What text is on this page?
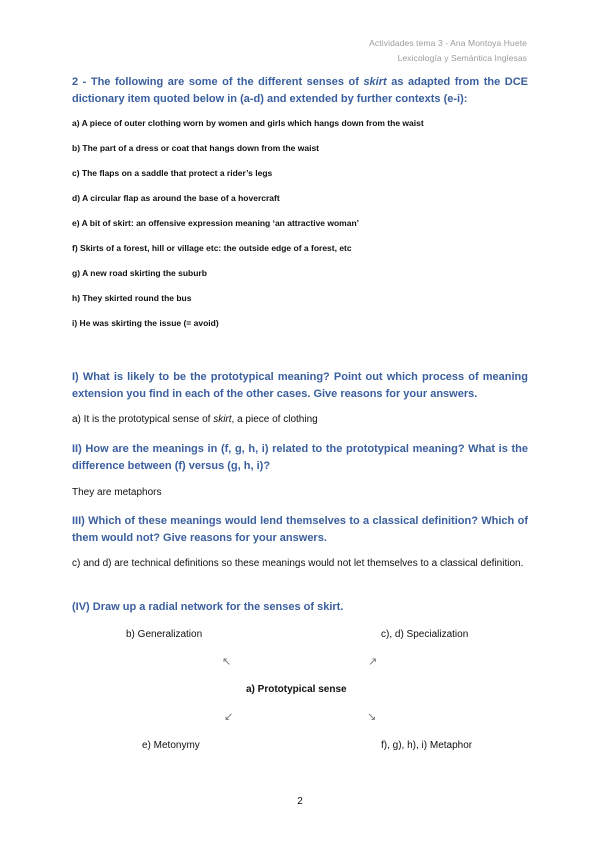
Actividades tema 3 - Ana Montoya Huete
Lexicología y Semántica Inglesas
2 - The following are some of the different senses of skirt as adapted from the DCE dictionary item quoted below in (a-d) and extended by further contexts (e-i):
a) A piece of outer clothing worn by women and girls which hangs down from the waist
b) The part of a dress or coat that hangs down from the waist
c) The flaps on a saddle that protect a rider’s legs
d) A circular flap as around the base of a hovercraft
e) A bit of skirt: an offensive expression meaning ‘an attractive woman’
f) Skirts of a forest, hill or village etc: the outside edge of a forest, etc
g) A new road skirting the suburb
h) They skirted round the bus
i) He was skirting the issue (= avoid)
I) What is likely to be the prototypical meaning? Point out which process of meaning extension you find in each of the other cases. Give reasons for your answers.
a) It is the prototypical sense of skirt, a piece of clothing
II) How are the meanings in (f, g, h, i) related to the prototypical meaning? What is the difference between (f) versus (g, h, i)?
They are metaphors
III) Which of these meanings would lend themselves to a classical definition? Which of them would not? Give reasons for your answers.
c) and d) are technical definitions so these meanings would not let themselves to a classical definition.
(IV) Draw up a radial network for the senses of skirt.
b) Generalization	c), d) Specialization
↖	↗
a) Prototypical sense
↙	↘
e) Metonymy	f), g), h), i) Metaphor
2
